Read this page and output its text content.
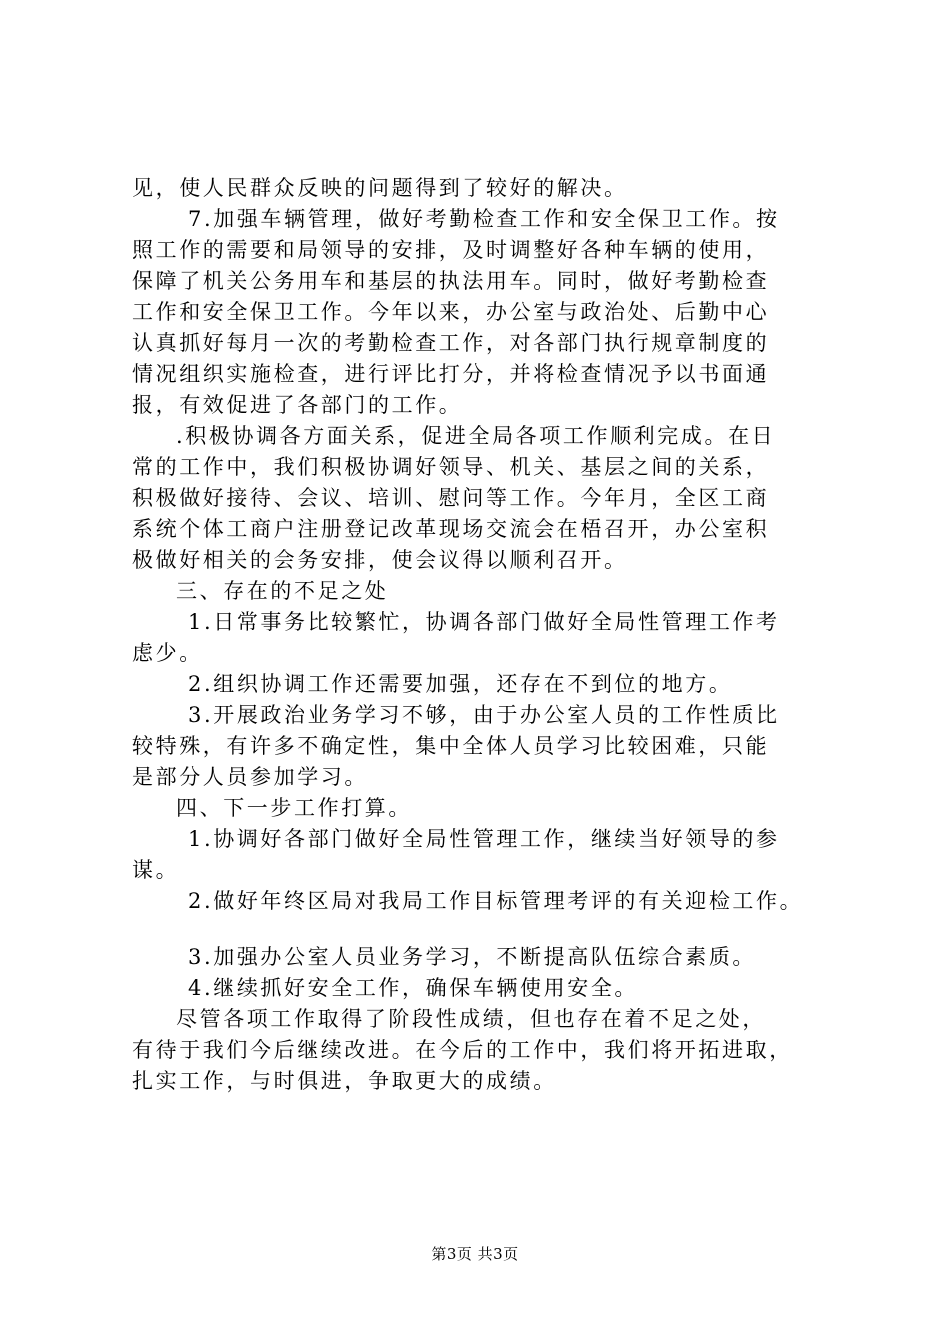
见，使人民群众反映的问题得到了较好的解决。
7.加强车辆管理，做好考勤检查工作和安全保卫工作。按
照工作的需要和局领导的安排，及时调整好各种车辆的使用，
保障了机关公务用车和基层的执法用车。同时，做好考勤检查
工作和安全保卫工作。今年以来，办公室与政治处、后勤中心
认真抓好每月一次的考勤检查工作，对各部门执行规章制度的
情况组织实施检查，进行评比打分，并将检查情况予以书面通
报，有效促进了各部门的工作。
.积极协调各方面关系，促进全局各项工作顺利完成。在日
常的工作中，我们积极协调好领导、机关、基层之间的关系，
积极做好接待、会议、培训、慰问等工作。今年月，全区工商
系统个体工商户注册登记改革现场交流会在梧召开，办公室积
极做好相关的会务安排，使会议得以顺利召开。
三、存在的不足之处
1.日常事务比较繁忙，协调各部门做好全局性管理工作考
虑少。
2.组织协调工作还需要加强，还存在不到位的地方。
3.开展政治业务学习不够，由于办公室人员的工作性质比
较特殊，有许多不确定性，集中全体人员学习比较困难，只能
是部分人员参加学习。
四、下一步工作打算。
1.协调好各部门做好全局性管理工作，继续当好领导的参
谋。
2.做好年终区局对我局工作目标管理考评的有关迎检工作。
3.加强办公室人员业务学习，不断提高队伍综合素质。
4.继续抓好安全工作，确保车辆使用安全。
尽管各项工作取得了阶段性成绩，但也存在着不足之处，
有待于我们今后继续改进。在今后的工作中，我们将开拓进取，
扎实工作，与时俱进，争取更大的成绩。
第3页 共3页
